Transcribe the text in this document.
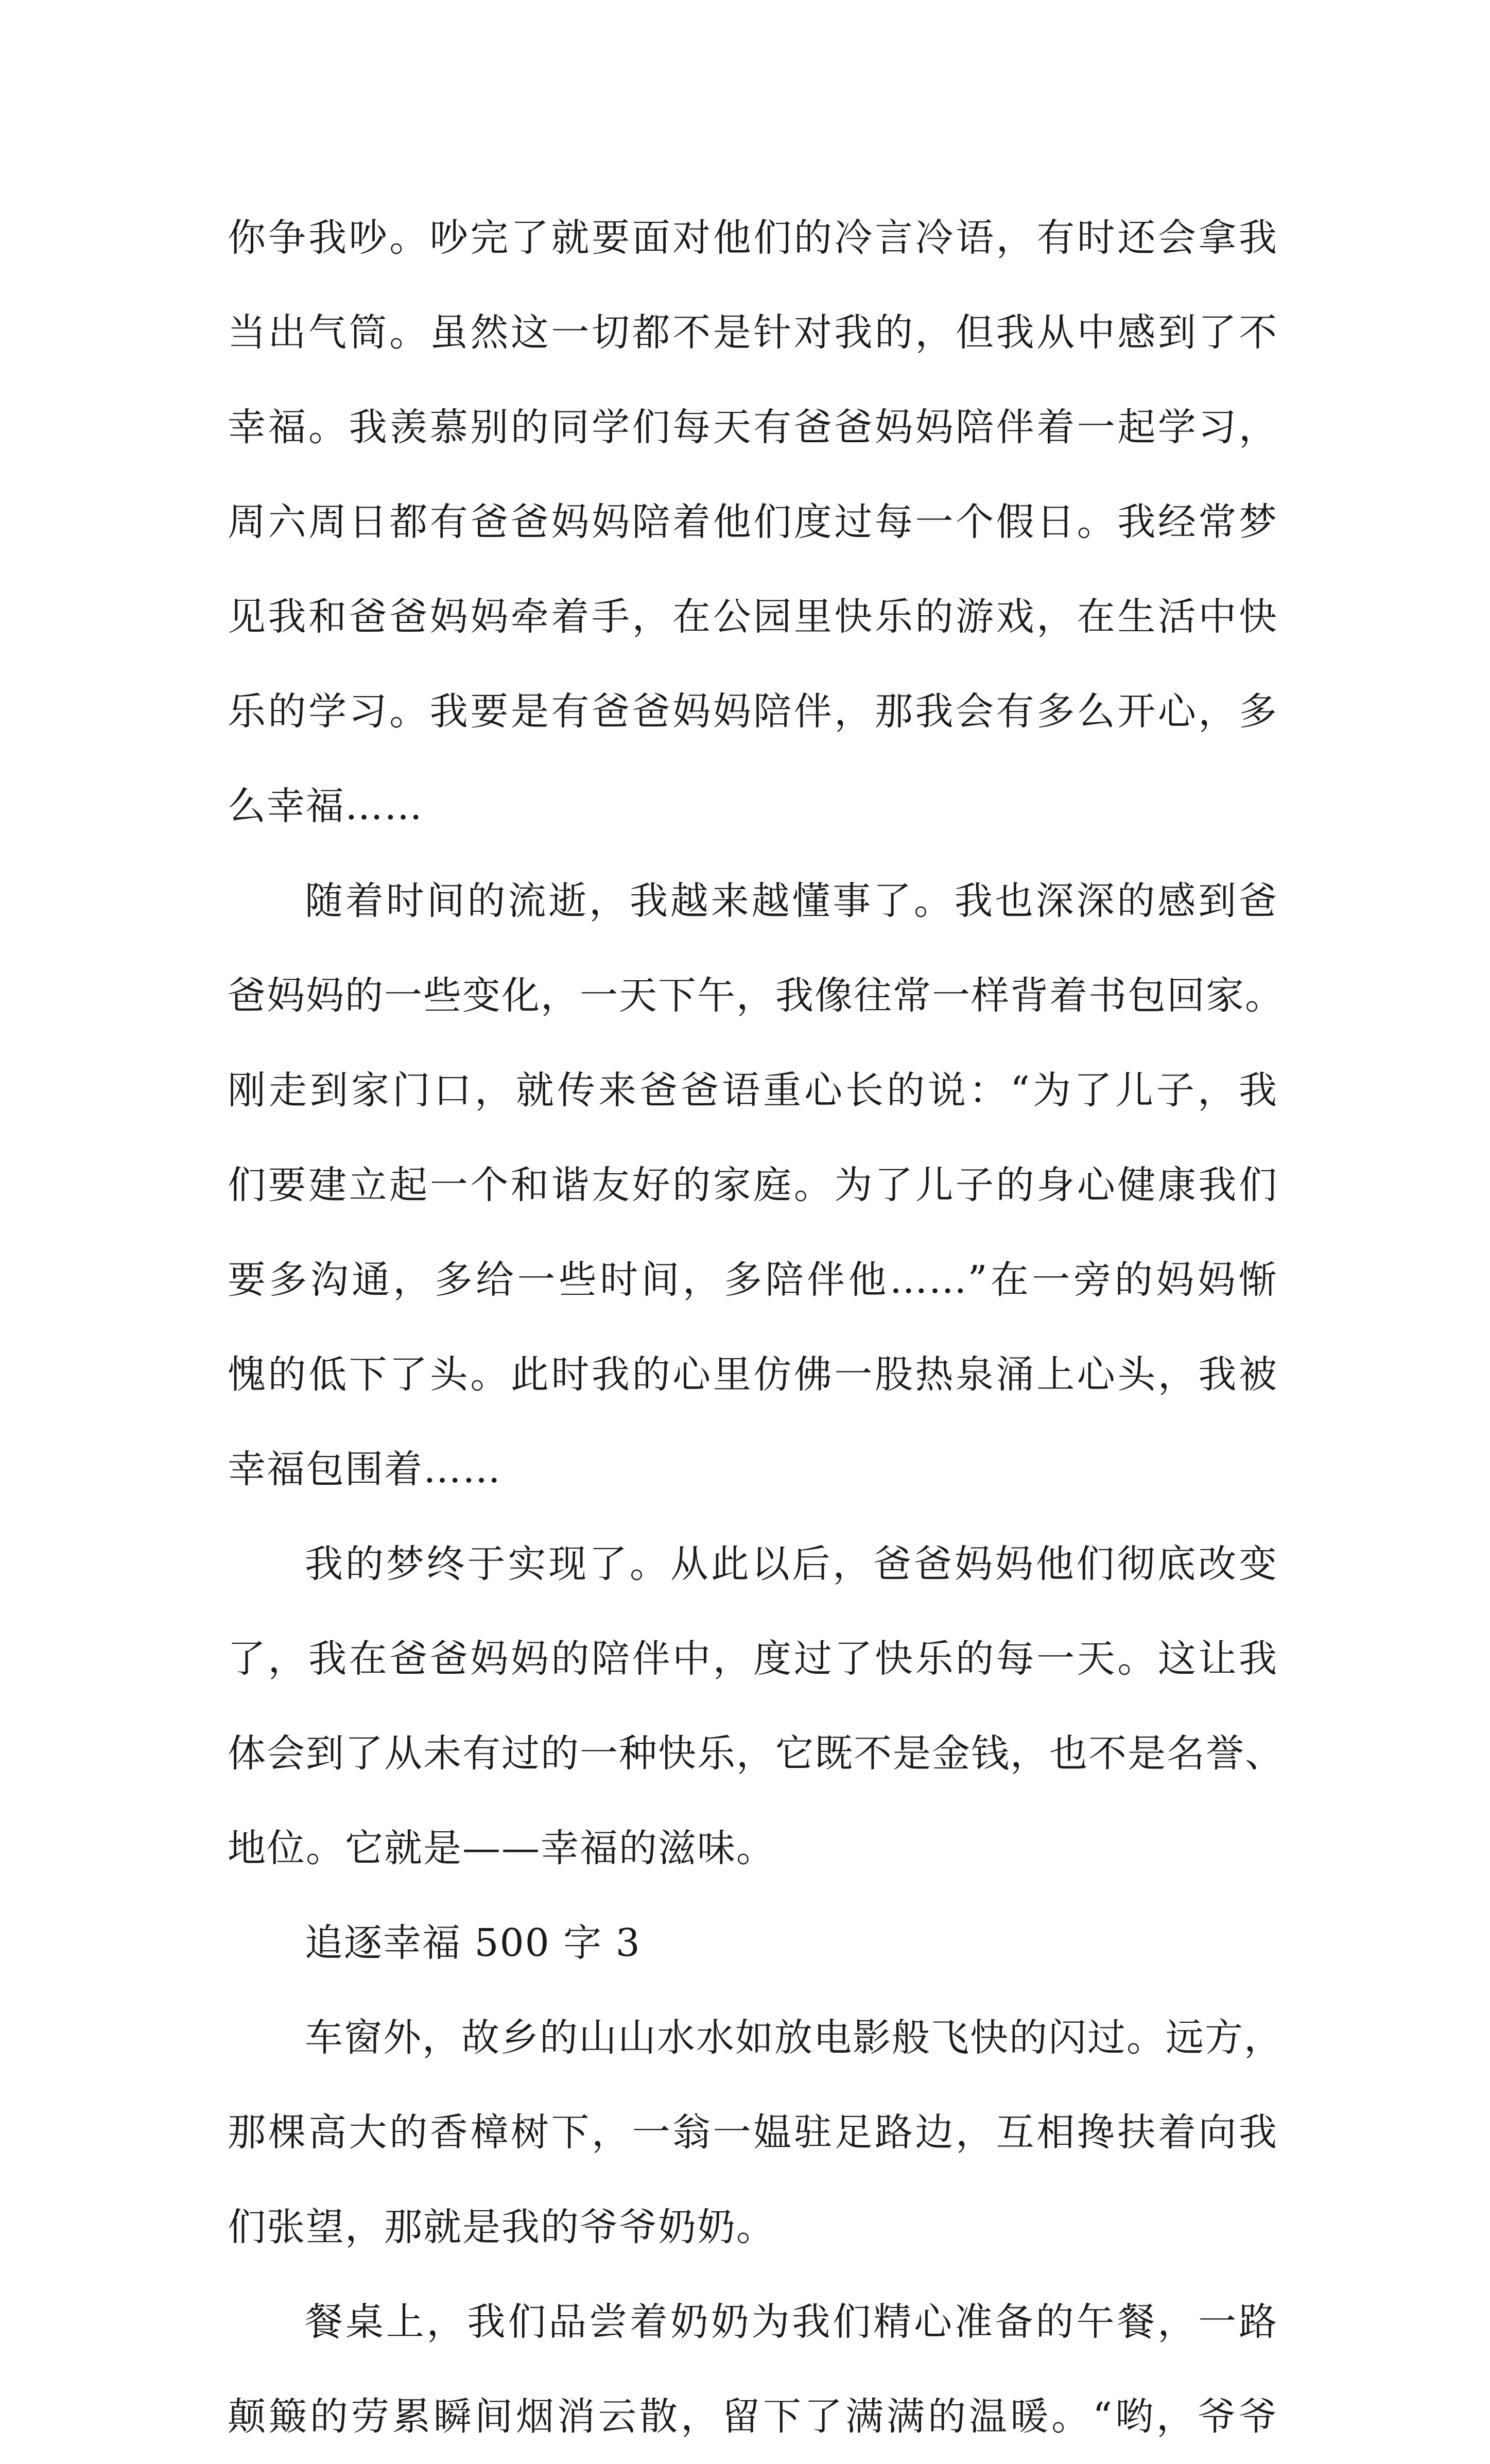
你争我吵。吵完了就要面对他们的冷言冷语，有时还会拿我
当出气筒。虽然这一切都不是针对我的，但我从中感到了不
幸福。我羡慕别的同学们每天有爸爸妈妈陪伴着一起学习，
周六周日都有爸爸妈妈陪着他们度过每一个假日。我经常梦
见我和爸爸妈妈牵着手，在公园里快乐的游戏，在生活中快
乐的学习。我要是有爸爸妈妈陪伴，那我会有多么开心，多
么幸福……
随着时间的流逝，我越来越懂事了。我也深深的感到爸
爸妈妈的一些变化，一天下午，我像往常一样背着书包回家。
刚走到家门口，就传来爸爸语重心长的说：“为了儿子，我
们要建立起一个和谐友好的家庭。为了儿子的身心健康我们
要多沟通，多给一些时间，多陪伴他……”在一旁的妈妈惭
愧的低下了头。此时我的心里仿佛一股热泉涌上心头，我被
幸福包围着……
我的梦终于实现了。从此以后，爸爸妈妈他们彻底改变
了，我在爸爸妈妈的陪伴中，度过了快乐的每一天。这让我
体会到了从未有过的一种快乐，它既不是金钱，也不是名誉、
地位。它就是——幸福的滋味。
追逐幸福 500 字 3
车窗外，故乡的山山水水如放电影般飞快的闪过。远方，
那棵高大的香樟树下，一翁一媪驻足路边，互相搀扶着向我
们张望，那就是我的爷爷奶奶。
餐桌上，我们品尝着奶奶为我们精心准备的午餐，一路
颠簸的劳累瞬间烟消云散，留下了满满的温暖。“哟，爷爷
